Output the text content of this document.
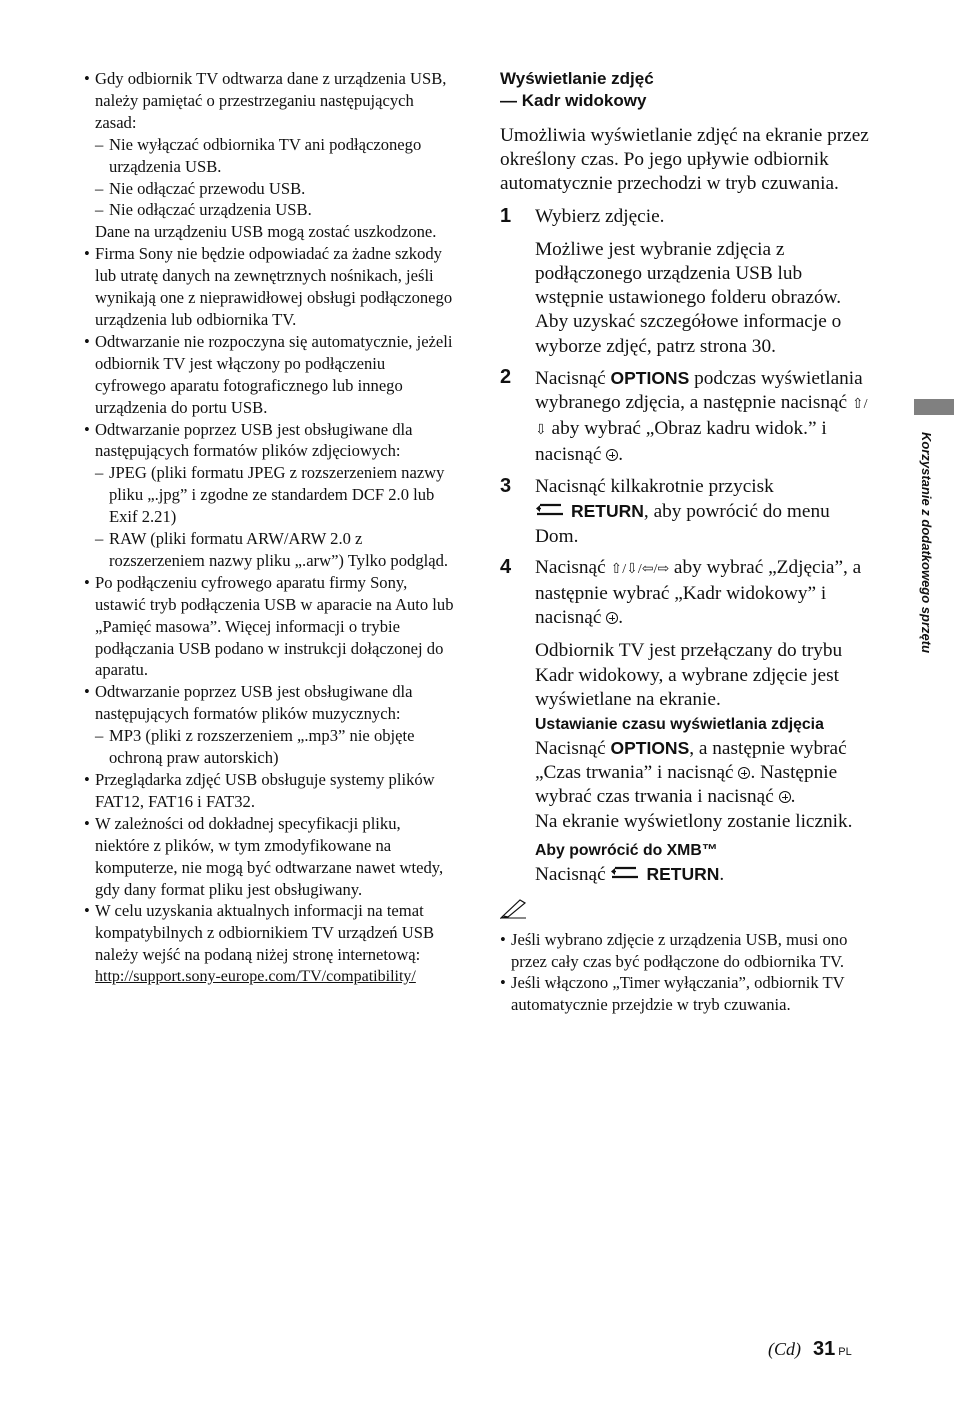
• Gdy odbiornik TV odtwarza dane z urządzenia USB, należy pamiętać o przestrzeganiu następujących zasad:
– Nie wyłączać odbiornika TV ani podłączonego urządzenia USB.
– Nie odłączać przewodu USB.
– Nie odłączać urządzenia USB.
Dane na urządzeniu USB mogą zostać uszkodzone.
• Firma Sony nie będzie odpowiadać za żadne szkody lub utratę danych na zewnętrznych nośnikach, jeśli wynikają one z nieprawidłowej obsługi podłączonego urządzenia lub odbiornika TV.
• Odtwarzanie nie rozpoczyna się automatycznie, jeżeli odbiornik TV jest włączony po podłączeniu cyfrowego aparatu fotograficznego lub innego urządzenia do portu USB.
• Odtwarzanie poprzez USB jest obsługiwane dla następujących formatów plików zdjęciowych:
– JPEG (pliki formatu JPEG z rozszerzeniem nazwy pliku „.jpg” i zgodne ze standardem DCF 2.0 lub Exif 2.21)
– RAW (pliki formatu ARW/ARW 2.0 z rozszerzeniem nazwy pliku „.arw”) Tylko podgląd.
• Po podłączeniu cyfrowego aparatu firmy Sony, ustawić tryb podłączenia USB w aparacie na Auto lub „Pamięć masowa”. Więcej informacji o trybie podłączania USB podano w instrukcji dołączonej do aparatu.
• Odtwarzanie poprzez USB jest obsługiwane dla następujących formatów plików muzycznych:
– MP3 (pliki z rozszerzeniem „.mp3” nie objęte ochroną praw autorskich)
• Przeglądarka zdjęć USB obsługuje systemy plików FAT12, FAT16 i FAT32.
• W zależności od dokładnej specyfikacji pliku, niektóre z plików, w tym zmodyfikowane na komputerze, nie mogą być odtwarzane nawet wtedy, gdy dany format pliku jest obsługiwany.
• W celu uzyskania aktualnych informacji na temat kompatybilnych z odbiornikiem TV urządzeń USB należy wejść na podaną niżej stronę internetową:
http://support.sony-europe.com/TV/compatibility/
Wyświetlanie zdjęć
— Kadr widokowy

Umożliwia wyświetlanie zdjęć na ekranie przez określony czas. Po jego upływie odbiornik automatycznie przechodzi w tryb czuwania.

1 Wybierz zdjęcie.

Możliwe jest wybranie zdjęcia z podłączonego urządzenia USB lub wstępnie ustawionego folderu obrazów. Aby uzyskać szczegółowe informacje o wyborze zdjęć, patrz strona 30.

2 Nacisnąć OPTIONS podczas wyświetlania wybranego zdjęcia, a następnie nacisnąć ⇧/⇩ aby wybrać „Obraz kadru widok.” i nacisnąć .

3 Nacisnąć kilkakrotnie przycisk
RETURN, aby powrócić do menu Dom.

4 Nacisnąć ⇧/⇩/⇦/⇨ aby wybrać „Zdjęcia”, a następnie wybrać „Kadr widokowy” i nacisnąć .

Odbiornik TV jest przełączany do trybu Kadr widokowy, a wybrane zdjęcie jest wyświetlane na ekranie.

Ustawianie czasu wyświetlania zdjęcia

Nacisnąć OPTIONS, a następnie wybrać „Czas trwania” i nacisnąć . Następnie wybrać czas trwania i nacisnąć .
Na ekranie wyświetlony zostanie licznik.

Aby powrócić do XMB™

Nacisnąć RETURN.

• Jeśli wybrano zdjęcie z urządzenia USB, musi ono przez cały czas być podłączone do odbiornika TV.
• Jeśli włączono „Timer wyłączania”, odbiornik TV automatycznie przejdzie w tryb czuwania.
Korzystanie z dodatkowego sprzętu
(Cd) 31 PL
